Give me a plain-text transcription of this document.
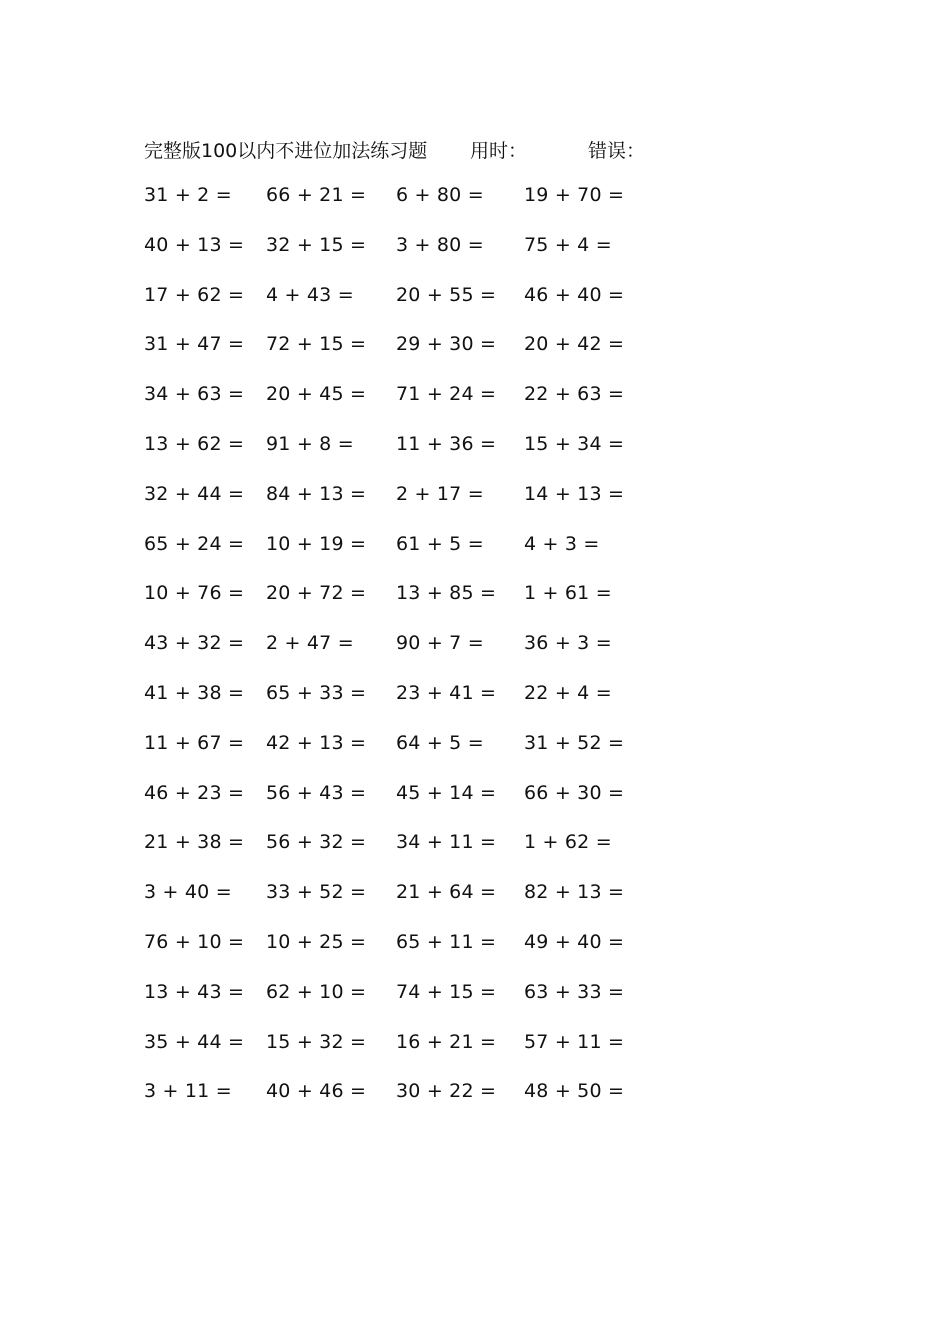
完整版100以内不进位加法练习题 用时：	错误：
31 + 2 = 66 + 21 = 6 + 80 = 19 + 70 =
40 + 13 = 32 + 15 = 3 + 80 = 75 + 4 =
17 + 62 = 4 + 43 = 20 + 55 = 46 + 40 =
31 + 47 = 72 + 15 = 29 + 30 = 20 + 42 =
34 + 63 = 20 + 45 = 71 + 24 = 22 + 63 =
13 + 62 = 91 + 8 = 11 + 36 = 15 + 34 =
32 + 44 = 84 + 13 = 2 + 17 = 14 + 13 =
65 + 24 = 10 + 19 = 61 + 5 = 4 + 3 =
10 + 76 = 20 + 72 = 13 + 85 = 1 + 61 =
43 + 32 = 2 + 47 = 90 + 7 = 36 + 3 =
41 + 38 = 65 + 33 = 23 + 41 = 22 + 4 =
11 + 67 = 42 + 13 = 64 + 5 = 31 + 52 =
46 + 23 = 56 + 43 = 45 + 14 = 66 + 30 =
21 + 38 = 56 + 32 = 34 + 11 = 1 + 62 =
3 + 40 = 33 + 52 = 21 + 64 = 82 + 13 =
76 + 10 = 10 + 25 = 65 + 11 = 49 + 40 =
13 + 43 = 62 + 10 = 74 + 15 = 63 + 33 =
35 + 44 = 15 + 32 = 16 + 21 = 57 + 11 =
3 + 11 = 40 + 46 = 30 + 22 = 48 + 50 =
